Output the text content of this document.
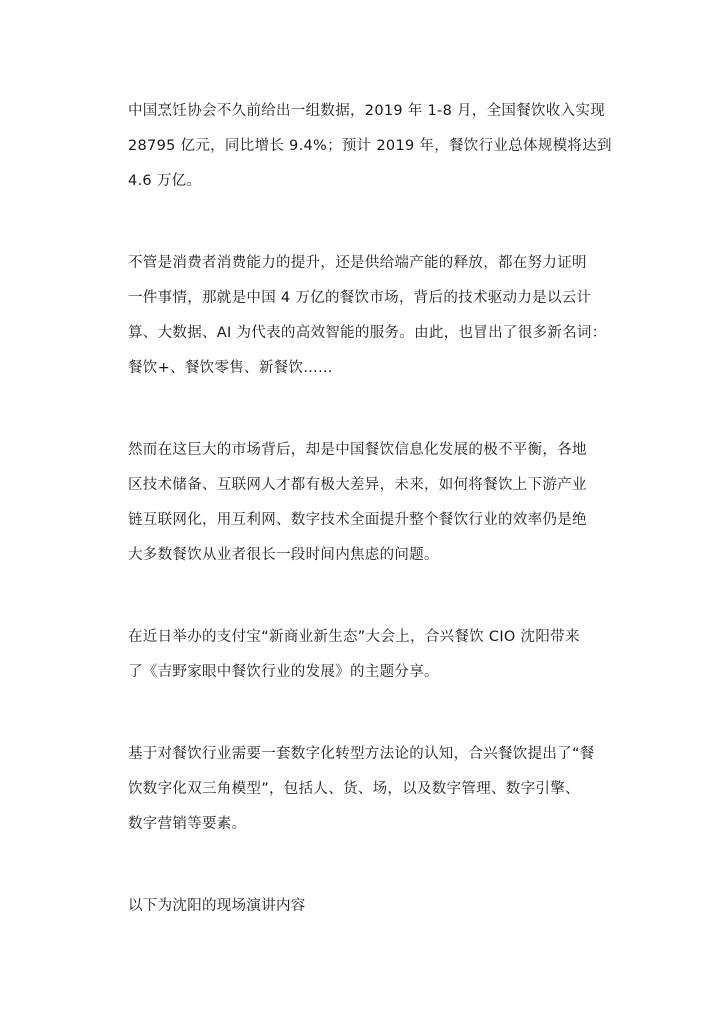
中国烹饪协会不久前给出一组数据，2019 年 1-8 月，全国餐饮收入实现
28795 亿元，同比增长 9.4%；预计 2019 年，餐饮行业总体规模将达到
4.6 万亿。

不管是消费者消费能力的提升，还是供给端产能的释放，都在努力证明
一件事情，那就是中国 4 万亿的餐饮市场，背后的技术驱动力是以云计
算、大数据、AI 为代表的高效智能的服务。由此，也冒出了很多新名词：
餐饮+、餐饮零售、新餐饮……

然而在这巨大的市场背后，却是中国餐饮信息化发展的极不平衡，各地
区技术储备、互联网人才都有极大差异，未来，如何将餐饮上下游产业
链互联网化，用互利网、数字技术全面提升整个餐饮行业的效率仍是绝
大多数餐饮从业者很长一段时间内焦虑的问题。

在近日举办的支付宝“新商业新生态”大会上，合兴餐饮 CIO 沈阳带来
了《吉野家眼中餐饮行业的发展》的主题分享。

基于对餐饮行业需要一套数字化转型方法论的认知，合兴餐饮提出了“餐
饮数字化双三角模型”，包括人、货、场，以及数字管理、数字引擎、
数字营销等要素。

以下为沈阳的现场演讲内容
